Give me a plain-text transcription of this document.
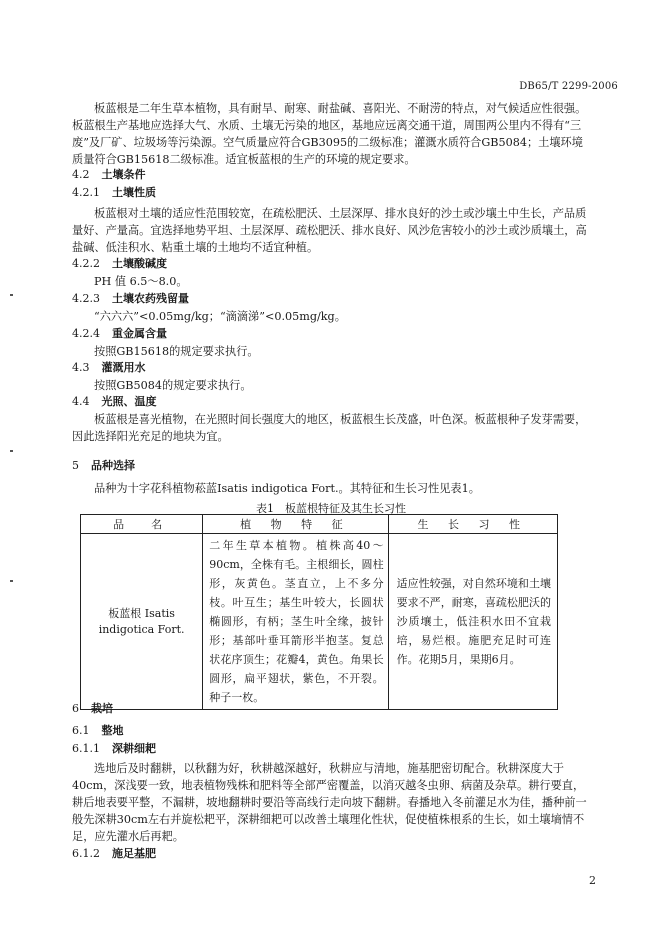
DB65/T 2299-2006
板蓝根是二年生草本植物，具有耐旱、耐寒、耐盐碱、喜阳光、不耐涝的特点，对气候适应性很强。板蓝根生产基地应选择大气、水质、土壤无污染的地区，基地应远离交通干道，周围两公里内不得有“三废”及厂矿、垃圾场等污染源。空气质量应符合GB3095的二级标准；灌溉水质符合GB5084；土壤环境质量符合GB15618二级标准。适宜板蓝根的生产的环境的规定要求。
4.2 土壤条件
4.2.1 土壤性质
板蓝根对土壤的适应性范围较宽，在疏松肥沃、土层深厚、排水良好的沙土或沙壤土中生长，产品质量好、产量高。宜选择地势平坦、土层深厚、疏松肥沃、排水良好、风沙危害较小的沙土或沙质壤土，高盐碱、低洼积水、粘重土壤的土地均不适宜种植。
4.2.2 土壤酸碱度
PH 值 6.5～8.0。
4.2.3 土壤农药残留量
“六六六”<0.05mg/kg；“滴滴涕”<0.05mg/kg。
4.2.4 重金属含量
按照GB15618的规定要求执行。
4.3 灌溉用水
按照GB5084的规定要求执行。
4.4 光照、温度
板蓝根是喜光植物，在光照时间长强度大的地区，板蓝根生长茂盛，叶色深。板蓝根种子发芽需要，因此选择阳光充足的地块为宜。
5 品种选择
品种为十字花科植物菘蓝Isatis indigotica Fort.。其特征和生长习性见表1。
表1　板蓝根特征及其生长习性
品　名	植 物 特 征	生 长 习 性
板蓝根 Isatis indigotica Fort.	二年生草本植物。植株高40～90cm，全株有毛。主根细长，圆柱形，灰黄色。茎直立，上不多分枝。叶互生；基生叶较大，长圆状椭圆形，有柄；茎生叶全缘，披针形；基部叶垂耳箭形半抱茎。复总状花序顶生；花瓣4，黄色。角果长圆形，扁平翅状，紫色，不开裂。种子一枚。	适应性较强，对自然环境和土壤要求不严，耐寒，喜疏松肥沃的沙质壤土，低洼积水田不宜栽培，易烂根。施肥充足时可连作。花期5月，果期6月。
6 栽培
6.1 整地
6.1.1 深耕细耙
选地后及时翻耕，以秋翻为好，秋耕越深越好，秋耕应与清地，施基肥密切配合。秋耕深度大于40cm，深浅要一致，地表植物残株和肥料等全部严密覆盖，以消灭越冬虫卵、病菌及杂草。耕行要直，耕后地表要平整，不漏耕，坡地翻耕时要沿等高线行走向坡下翻耕。春播地入冬前灌足水为佳，播种前一般先深耕30cm左右并旋松耙平，深耕细耙可以改善土壤理化性状，促使植株根系的生长，如土壤墒情不足，应先灌水后再耙。
6.1.2 施足基肥
2
